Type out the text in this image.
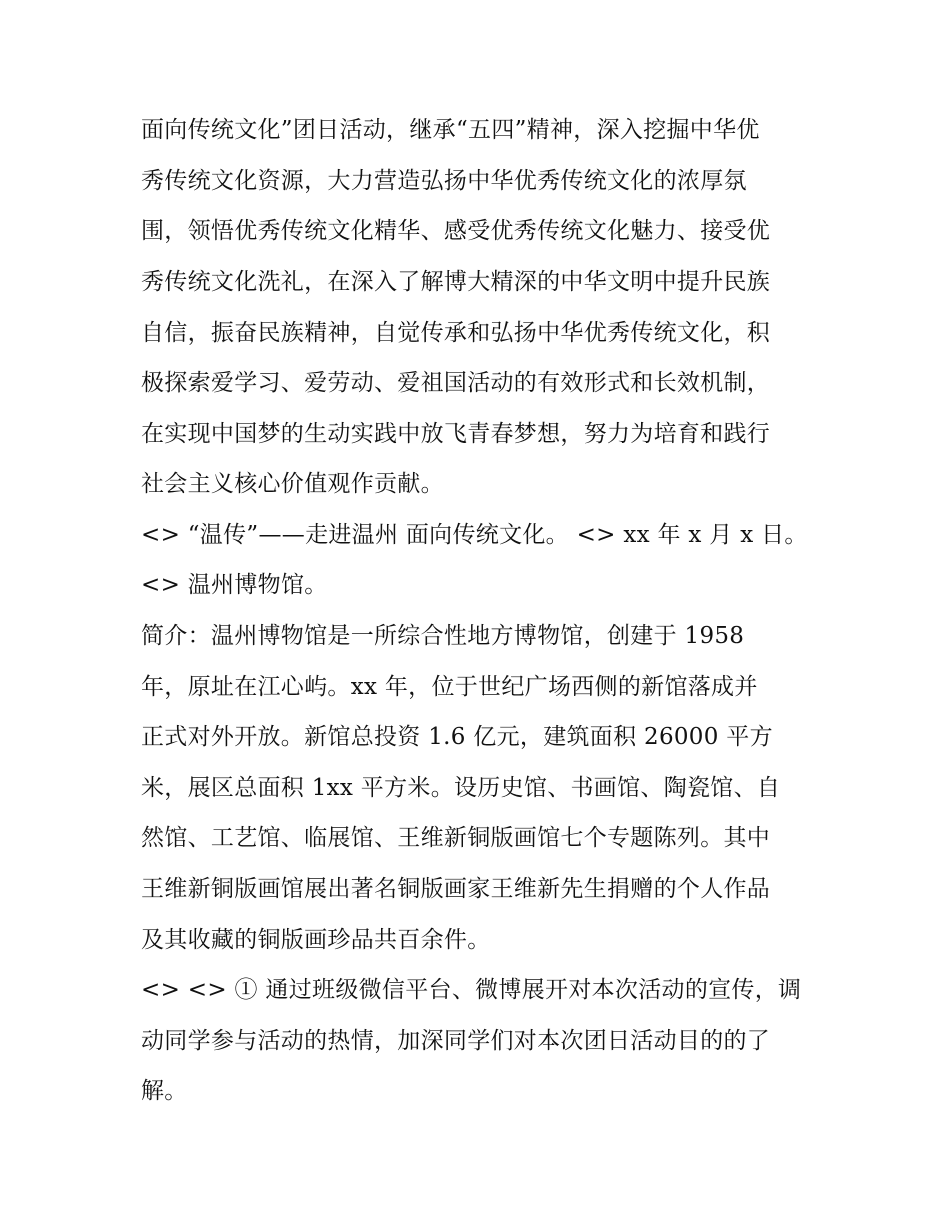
面向传统文化”团日活动，继承“五四”精神，深入挖掘中华优
秀传统文化资源，大力营造弘扬中华优秀传统文化的浓厚氛
围，领悟优秀传统文化精华、感受优秀传统文化魅力、接受优
秀传统文化洗礼，在深入了解博大精深的中华文明中提升民族
自信，振奋民族精神，自觉传承和弘扬中华优秀传统文化，积
极探索爱学习、爱劳动、爱祖国活动的有效形式和长效机制，
在实现中国梦的生动实践中放飞青春梦想，努力为培育和践行
社会主义核心价值观作贡献。
<> “温传”——走进温州 面向传统文化。 <> xx 年 x 月 x 日。
<> 温州博物馆。
简介：温州博物馆是一所综合性地方博物馆，创建于 1958
年，原址在江心屿。xx 年，位于世纪广场西侧的新馆落成并
正式对外开放。新馆总投资 1.6 亿元，建筑面积 26000 平方
米，展区总面积 1xx 平方米。设历史馆、书画馆、陶瓷馆、自
然馆、工艺馆、临展馆、王维新铜版画馆七个专题陈列。其中
王维新铜版画馆展出著名铜版画家王维新先生捐赠的个人作品
及其收藏的铜版画珍品共百余件。
<> <> ① 通过班级微信平台、微博展开对本次活动的宣传，调
动同学参与活动的热情，加深同学们对本次团日活动目的的了
解。
